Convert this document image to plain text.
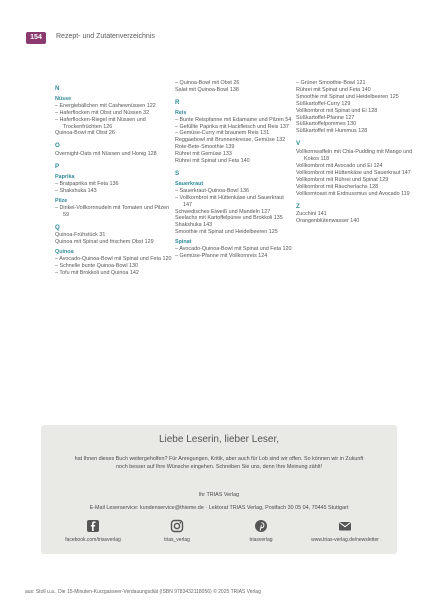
154	Rezept- und Zutatenverzeichnis
N
Nüsse
– Energiebällchen mit Cashewnüssen 122
– Haferflocken mit Obst und Nüssen 32
– Haferflocken-Riegel mit Nüssen und Trockenfrüchten 126
Quinoa-Bowl mit Obst 26
O
Overnight-Oats mit Nüssen und Honig 128
P
Paprika
– Bratpaprika mit Feta 136
– Shakshuka 143
Pilze
– Dinkel-Vollkornnudeln mit Tomaten und Pilzen 59
Q
Quinoa-Frühstück 31
Quinoa mit Spinat und frischem Obst 129
Quinoa
– Avocado-Quinoa-Bowl mit Spinat und Feta 120
– Schnelle bunte Quinoa-Bowl 130
– Tofu mit Brokkoli und Quinoa 142
– Quinoa-Bowl mit Obst 26
Salat mit Quinoa-Bowl 138
R
Reis
– Bunte Reispfanne mit Edamame und Pilzen 54
– Gefüllte Paprika mit Hackfleisch und Reis 137
– Gemüse-Curry mit braunem Reis 131
Reggaebowl mit Brunnenkresse, Gemüse 132
Rote-Bete-Smoothie 139
Rührei mit Gemüse 133
Rührei mit Spinat und Feta 140
S
Sauerkraut
– Sauerkraut-Quinoa-Bowl 136
– Vollkornbrot mit Hüttenkäse und Sauerkraut 147
Schwedisches Eiweiß und Mandeln 127
Seelachs mit Kartoffelpüree und Brokkoli 135
Shakshuka 143
Smoothie mit Spinat und Heidelbeeren 125
Spinat
– Avocado-Quinoa-Bowl mit Spinat und Feta 120
– Gemüse-Pfanne mit Vollkornreis 124
– Grüner Smoothie-Bowl 121
Rührei mit Spinat und Feta 140
Smoothie mit Spinat und Heidelbeeren 125
Süßkartoffel-Curry 129
Vollkornbrot mit Spinat und Ei 128
Süßkartoffel-Pfanne 127
Süßkartoffelpommes 130
Süßkartoffel mit Hummus 128
V
Vollkornwaffeln mit Chia-Pudding mit Mango und Kokos 118
Vollkornbrot mit Avocado und Ei 124
Vollkornbrot mit Hüttenkäse und Sauerkraut 147
Vollkornbrot mit Rührei und Spinat 129
Vollkornbrot mit Räucherlachs 128
Vollkorntoast mit Erdnussmus und Avocado 119
Z
Zucchini 141
Orangenblütenwasser 140
Liebe Leserin, lieber Leser,
hat Ihnen dieses Buch weitergeholfen? Für Anregungen, Kritik, aber auch für Lob sind wir offen. So können wir in Zukunft noch besser auf Ihre Wünsche eingehen. Schreiben Sie uns, denn Ihre Meinung zählt!
Ihr TRIAS Verlag
E-Mail Leserservice: kundenservice@thieme.de · Lektorat TRIAS Verlag, Postfach 30 05 04, 70445 Stuttgart
facebook.com/triasverlag	trias_verlag	triasverlag	www.trias-verlag.de/newsletter
aus: Stoll u.a., Die 15-Minuten-Kurzgasseer-Verdauungsdiät (ISBN 9783432118056) © 2025 TRIAS Verlag
